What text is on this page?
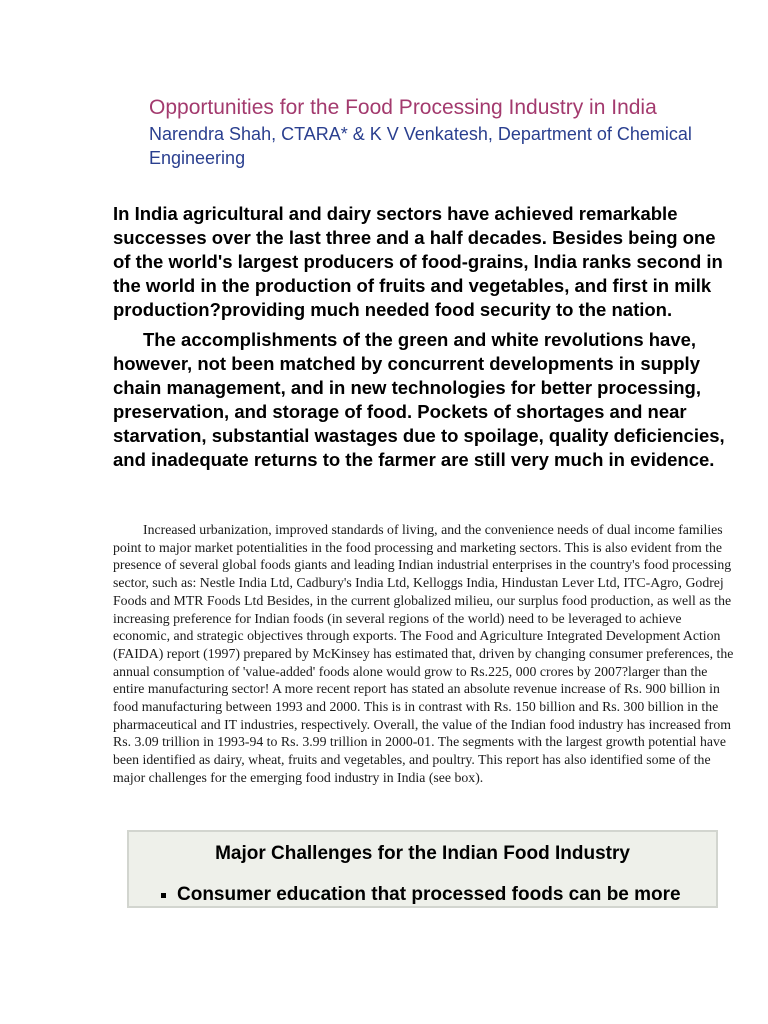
Opportunities for the Food Processing Industry in India

Narendra Shah, CTARA* & K V Venkatesh, Department of Chemical Engineering

In India agricultural and dairy sectors have achieved remarkable successes over the last three and a half decades. Besides being one of the world's largest producers of food-grains, India ranks second in the world in the production of fruits and vegetables, and first in milk production?providing much needed food security to the nation.

The accomplishments of the green and white revolutions have, however, not been matched by concurrent developments in supply chain management, and in new technologies for better processing, preservation, and storage of food. Pockets of shortages and near starvation, substantial wastages due to spoilage, quality deficiencies, and inadequate returns to the farmer are still very much in evidence.

Increased urbanization, improved standards of living, and the convenience needs of dual income families point to major market potentialities in the food processing and marketing sectors. This is also evident from the presence of several global foods giants and leading Indian industrial enterprises in the country's food processing sector, such as: Nestle India Ltd, Cadbury's India Ltd, Kelloggs India, Hindustan Lever Ltd, ITC-Agro, Godrej Foods and MTR Foods Ltd Besides, in the current globalized milieu, our surplus food production, as well as the increasing preference for Indian foods (in several regions of the world) need to be leveraged to achieve economic, and strategic objectives through exports. The Food and Agriculture Integrated Development Action (FAIDA) report (1997) prepared by McKinsey has estimated that, driven by changing consumer preferences, the annual consumption of 'value-added' foods alone would grow to Rs.225, 000 crores by 2007?larger than the entire manufacturing sector! A more recent report has stated an absolute revenue increase of Rs. 900 billion in food manufacturing between 1993 and 2000. This is in contrast with Rs. 150 billion and Rs. 300 billion in the pharmaceutical and IT industries, respectively. Overall, the value of the Indian food industry has increased from Rs. 3.09 trillion in 1993-94 to Rs. 3.99 trillion in 2000-01. The segments with the largest growth potential have been identified as dairy, wheat, fruits and vegetables, and poultry. This report has also identified some of the major challenges for the emerging food industry in India (see box).

Major Challenges for the Indian Food Industry
Consumer education that processed foods can be more
